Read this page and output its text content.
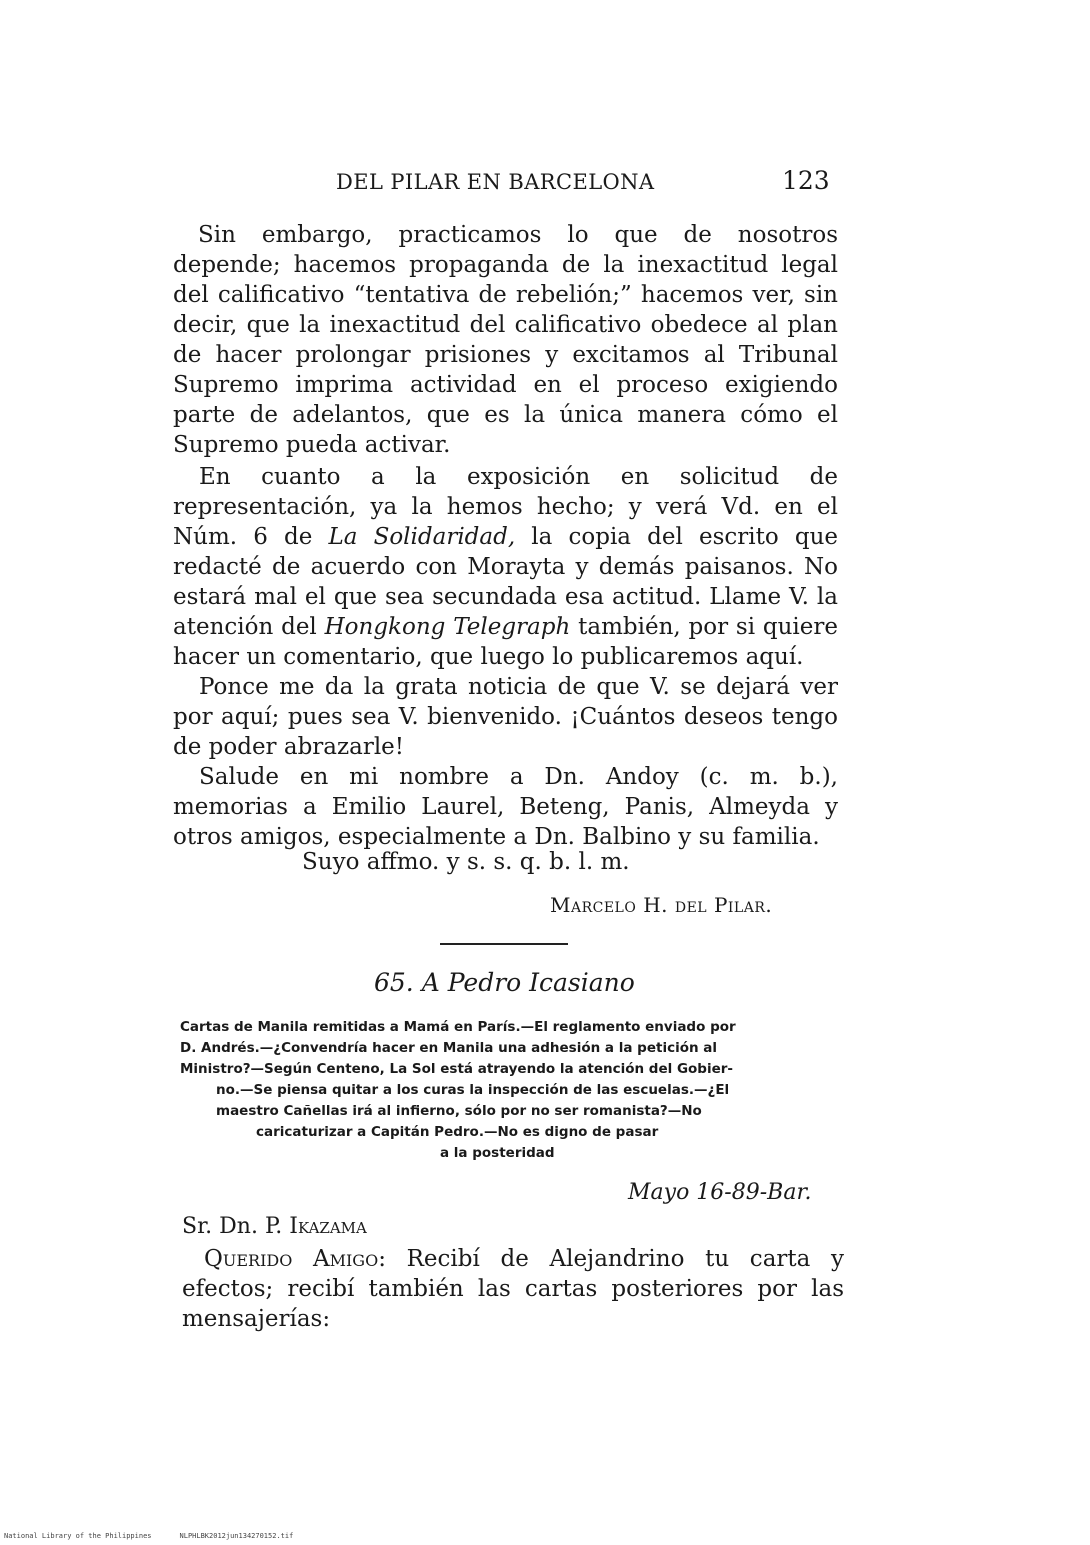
DEL PILAR EN BARCELONA	123

Sin embargo, practicamos lo que de nosotros depende; hacemos propaganda de la inexactitud legal del calificativo “tentativa de rebelión;” hacemos ver, sin decir, que la inexactitud del calificativo obedece al plan de hacer prolongar prisiones y excitamos al Tribunal Supremo imprima actividad en el proceso exigiendo parte de adelantos, que es la única manera cómo el Supremo pueda activar.

En cuanto a la exposición en solicitud de representación, ya la hemos hecho; y verá Vd. en el Núm. 6 de La Solidaridad, la copia del escrito que redacté de acuerdo con Morayta y demás paisanos. No estará mal el que sea secundada esa actitud. Llame V. la atención del Hongkong Telegraph también, por si quiere hacer un comentario, que luego lo publicaremos aquí.

Ponce me da la grata noticia de que V. se dejará ver por aquí; pues sea V. bienvenido. ¡Cuántos deseos tengo de poder abrazarle!

Salude en mi nombre a Dn. Andoy (c. m. b.), memorias a Emilio Laurel, Beteng, Panis, Almeyda y otros amigos, especialmente a Dn. Balbino y su familia.

Suyo affmo. y s. s. q. b. l. m.
Marcelo H. del Pilar.
65. A Pedro Icasiano
Cartas de Manila remitidas a Mamá en París.—El reglamento enviado por
D. Andrés.—¿Convendría hacer en Manila una adhesión a la petición al
Ministro?—Según Centeno, La Sol está atrayendo la atención del Gobier-
no.—Se piensa quitar a los curas la inspección de las escuelas.—¿El
maestro Cañellas irá al infierno, sólo por no ser romanista?—No
caricaturizar a Capitán Pedro.—No es digno de pasar
a la posteridad
Mayo 16-89-Bar.
Sr. Dn. P. Ikazama

Querido Amigo: Recibí de Alejandrino tu carta y efectos; recibí también las cartas posteriores por las mensajerías:

National Library of the Philippines	NLPHLBK2012jun134270152.tif
